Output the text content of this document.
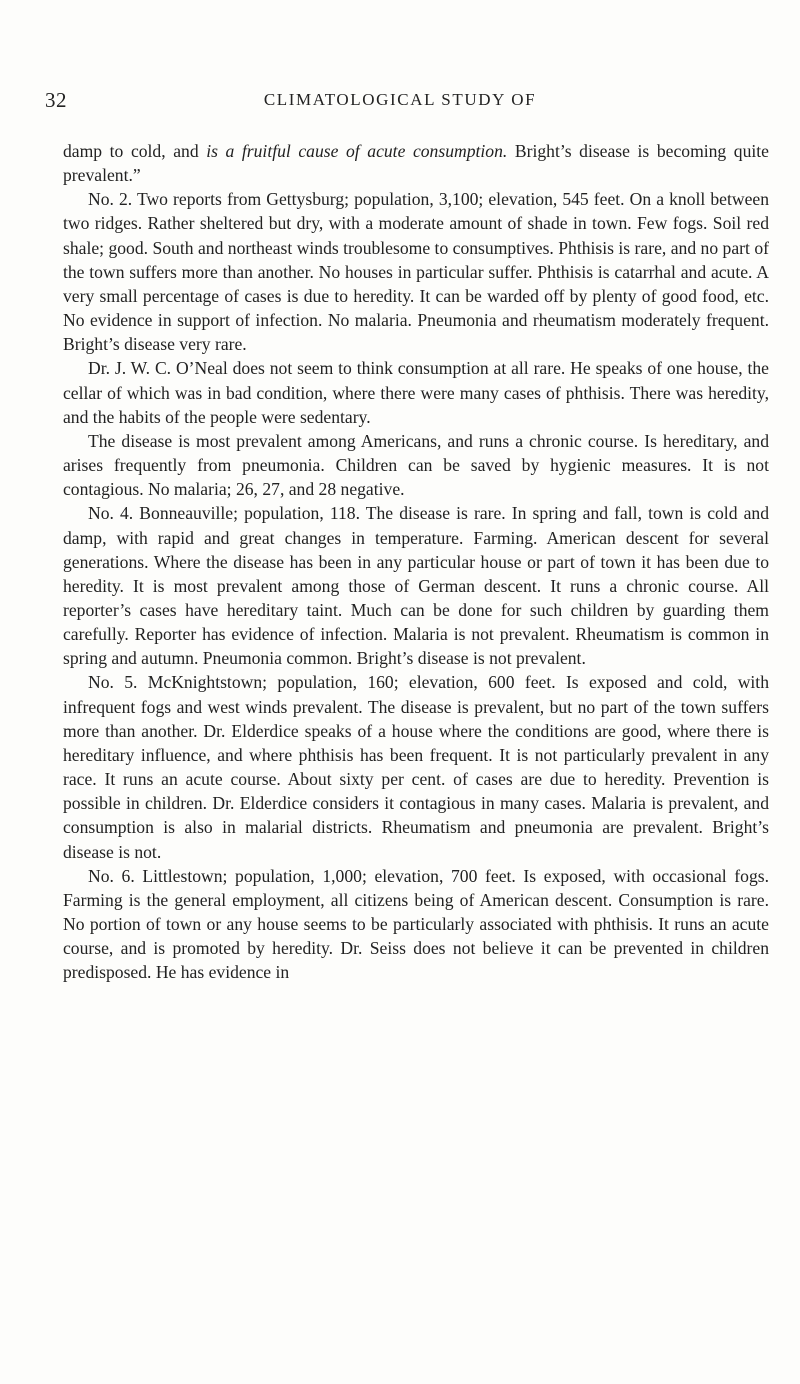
32	CLIMATOLOGICAL STUDY OF

damp to cold, and is a fruitful cause of acute consumption. Bright’s disease is becoming quite prevalent.”

No. 2. Two reports from Gettysburg; population, 3,100; elevation, 545 feet. On a knoll between two ridges. Rather sheltered but dry, with a moderate amount of shade in town. Few fogs. Soil red shale; good. South and northeast winds troublesome to consumptives. Phthisis is rare, and no part of the town suffers more than another. No houses in particular suffer. Phthisis is catarrhal and acute. A very small percentage of cases is due to heredity. It can be warded off by plenty of good food, etc. No evidence in support of infection. No malaria. Pneumonia and rheumatism moderately frequent. Bright’s disease very rare.

Dr. J. W. C. O’Neal does not seem to think consumption at all rare. He speaks of one house, the cellar of which was in bad condition, where there were many cases of phthisis. There was heredity, and the habits of the people were sedentary.

The disease is most prevalent among Americans, and runs a chronic course. Is hereditary, and arises frequently from pneumonia. Children can be saved by hygienic measures. It is not contagious. No malaria; 26, 27, and 28 negative.

No. 4. Bonneauville; population, 118. The disease is rare. In spring and fall, town is cold and damp, with rapid and great changes in temperature. Farming. American descent for several generations. Where the disease has been in any particular house or part of town it has been due to heredity. It is most prevalent among those of German descent. It runs a chronic course. All reporter’s cases have hereditary taint. Much can be done for such children by guarding them carefully. Reporter has evidence of infection. Malaria is not prevalent. Rheumatism is common in spring and autumn. Pneumonia common. Bright’s disease is not prevalent.

No. 5. McKnightstown; population, 160; elevation, 600 feet. Is exposed and cold, with infrequent fogs and west winds prevalent. The disease is prevalent, but no part of the town suffers more than another. Dr. Elderdice speaks of a house where the conditions are good, where there is hereditary influence, and where phthisis has been frequent. It is not particularly prevalent in any race. It runs an acute course. About sixty per cent. of cases are due to heredity. Prevention is possible in children. Dr. Elderdice considers it contagious in many cases. Malaria is prevalent, and consumption is also in malarial districts. Rheumatism and pneumonia are prevalent. Bright’s disease is not.

No. 6. Littlestown; population, 1,000; elevation, 700 feet. Is exposed, with occasional fogs. Farming is the general employment, all citizens being of American descent. Consumption is rare. No portion of town or any house seems to be particularly associated with phthisis. It runs an acute course, and is promoted by heredity. Dr. Seiss does not believe it can be prevented in children predisposed. He has evidence in
